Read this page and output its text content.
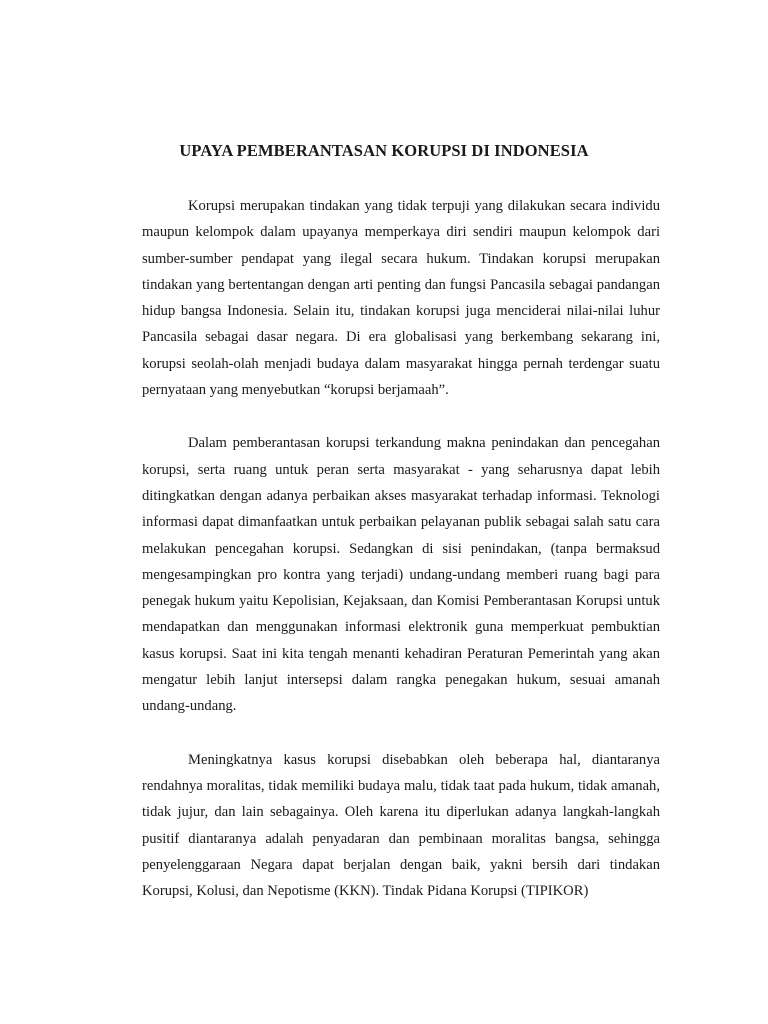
UPAYA PEMBERANTASAN KORUPSI DI INDONESIA

Korupsi merupakan tindakan yang tidak terpuji yang dilakukan secara individu maupun kelompok dalam upayanya memperkaya diri sendiri maupun kelompok dari sumber-sumber pendapat yang ilegal secara hukum. Tindakan korupsi merupakan tindakan yang bertentangan dengan arti penting dan fungsi Pancasila sebagai pandangan hidup bangsa Indonesia. Selain itu, tindakan korupsi juga menciderai nilai-nilai luhur Pancasila sebagai dasar negara. Di era globalisasi yang berkembang sekarang ini, korupsi seolah-olah menjadi budaya dalam masyarakat hingga pernah terdengar suatu pernyataan yang menyebutkan “korupsi berjamaah”.

Dalam pemberantasan korupsi terkandung makna penindakan dan pencegahan korupsi, serta ruang untuk peran serta masyarakat - yang seharusnya dapat lebih ditingkatkan dengan adanya perbaikan akses masyarakat terhadap informasi. Teknologi informasi dapat dimanfaatkan untuk perbaikan pelayanan publik sebagai salah satu cara melakukan pencegahan korupsi. Sedangkan di sisi penindakan, (tanpa bermaksud mengesampingkan pro kontra yang terjadi) undang-undang memberi ruang bagi para penegak hukum yaitu Kepolisian, Kejaksaan, dan Komisi Pemberantasan Korupsi untuk mendapatkan dan menggunakan informasi elektronik guna memperkuat pembuktian kasus korupsi. Saat ini kita tengah menanti kehadiran Peraturan Pemerintah yang akan mengatur lebih lanjut intersepsi dalam rangka penegakan hukum, sesuai amanah undang-undang.

Meningkatnya kasus korupsi disebabkan oleh beberapa hal, diantaranya rendahnya moralitas, tidak memiliki budaya malu, tidak taat pada hukum, tidak amanah, tidak jujur, dan lain sebagainya. Oleh karena itu diperlukan adanya langkah-langkah pusitif diantaranya adalah penyadaran dan pembinaan moralitas bangsa, sehingga penyelenggaraan Negara dapat berjalan dengan baik, yakni bersih dari tindakan Korupsi, Kolusi, dan Nepotisme (KKN). Tindak Pidana Korupsi (TIPIKOR)
